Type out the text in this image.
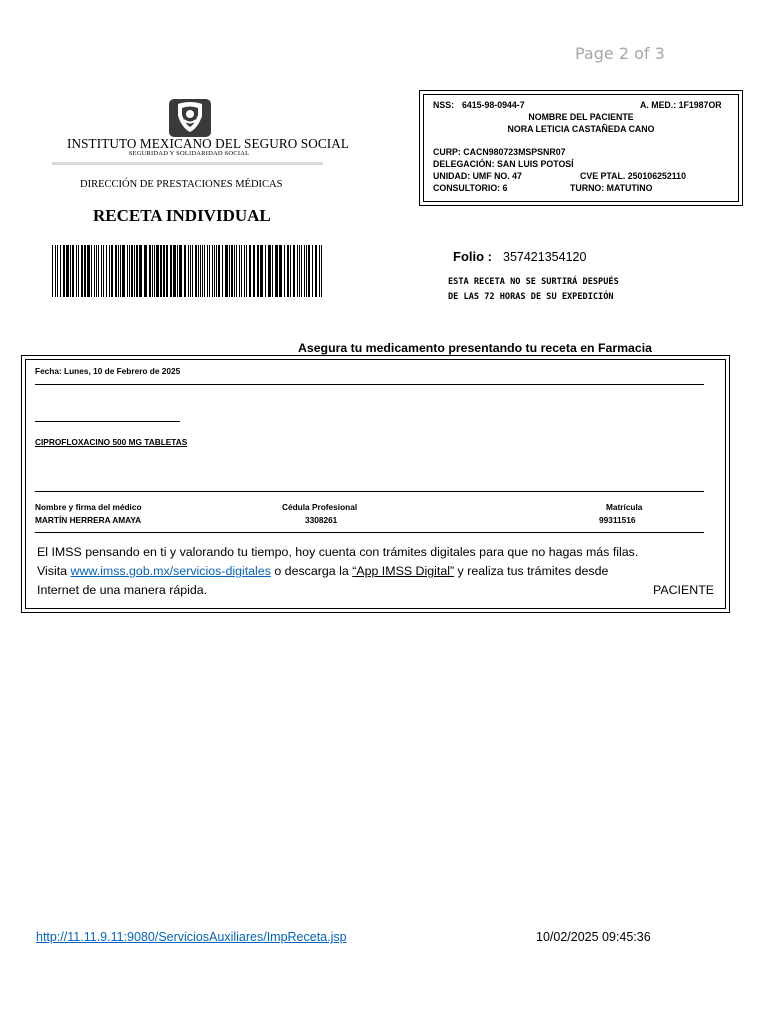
Page 2 of 3
INSTITUTO MEXICANO DEL SEGURO SOCIAL
SEGURIDAD Y SOLIDARIDAD SOCIAL
DIRECCIÓN DE PRESTACIONES MÉDICAS
RECETA INDIVIDUAL
NSS: 6415-98-0944-7	A. MED.: 1F1987OR
NOMBRE DEL PACIENTE
NORA LETICIA CASTAÑEDA CANO
CURP: CACN980723MSPSNR07
DELEGACIÓN: SAN LUIS POTOSÍ
UNIDAD: UMF NO. 47	CVE PTAL. 250106252110
CONSULTORIO: 6	TURNO: MATUTINO
Folio : 357421354120
ESTA RECETA NO SE SURTIRÁ DESPUÉS
DE LAS 72 HORAS DE SU EXPEDICIÓN
Asegura tu medicamento presentando tu receta en Farmacia
Fecha: Lunes, 10 de Febrero de 2025
CIPROFLOXACINO 500 MG TABLETAS
Nombre y firma del médico	Cédula Profesional	Matrícula
MARTÍN HERRERA AMAYA	3308261	99311516
El IMSS pensando en ti y valorando tu tiempo, hoy cuenta con trámites digitales para que no hagas más filas.
Visita www.imss.gob.mx/servicios-digitales o descarga la “App IMSS Digital” y realiza tus trámites desde
Internet de una manera rápida.	PACIENTE
http://11.11.9.11:9080/ServiciosAuxiliares/ImpReceta.jsp	10/02/2025 09:45:36
